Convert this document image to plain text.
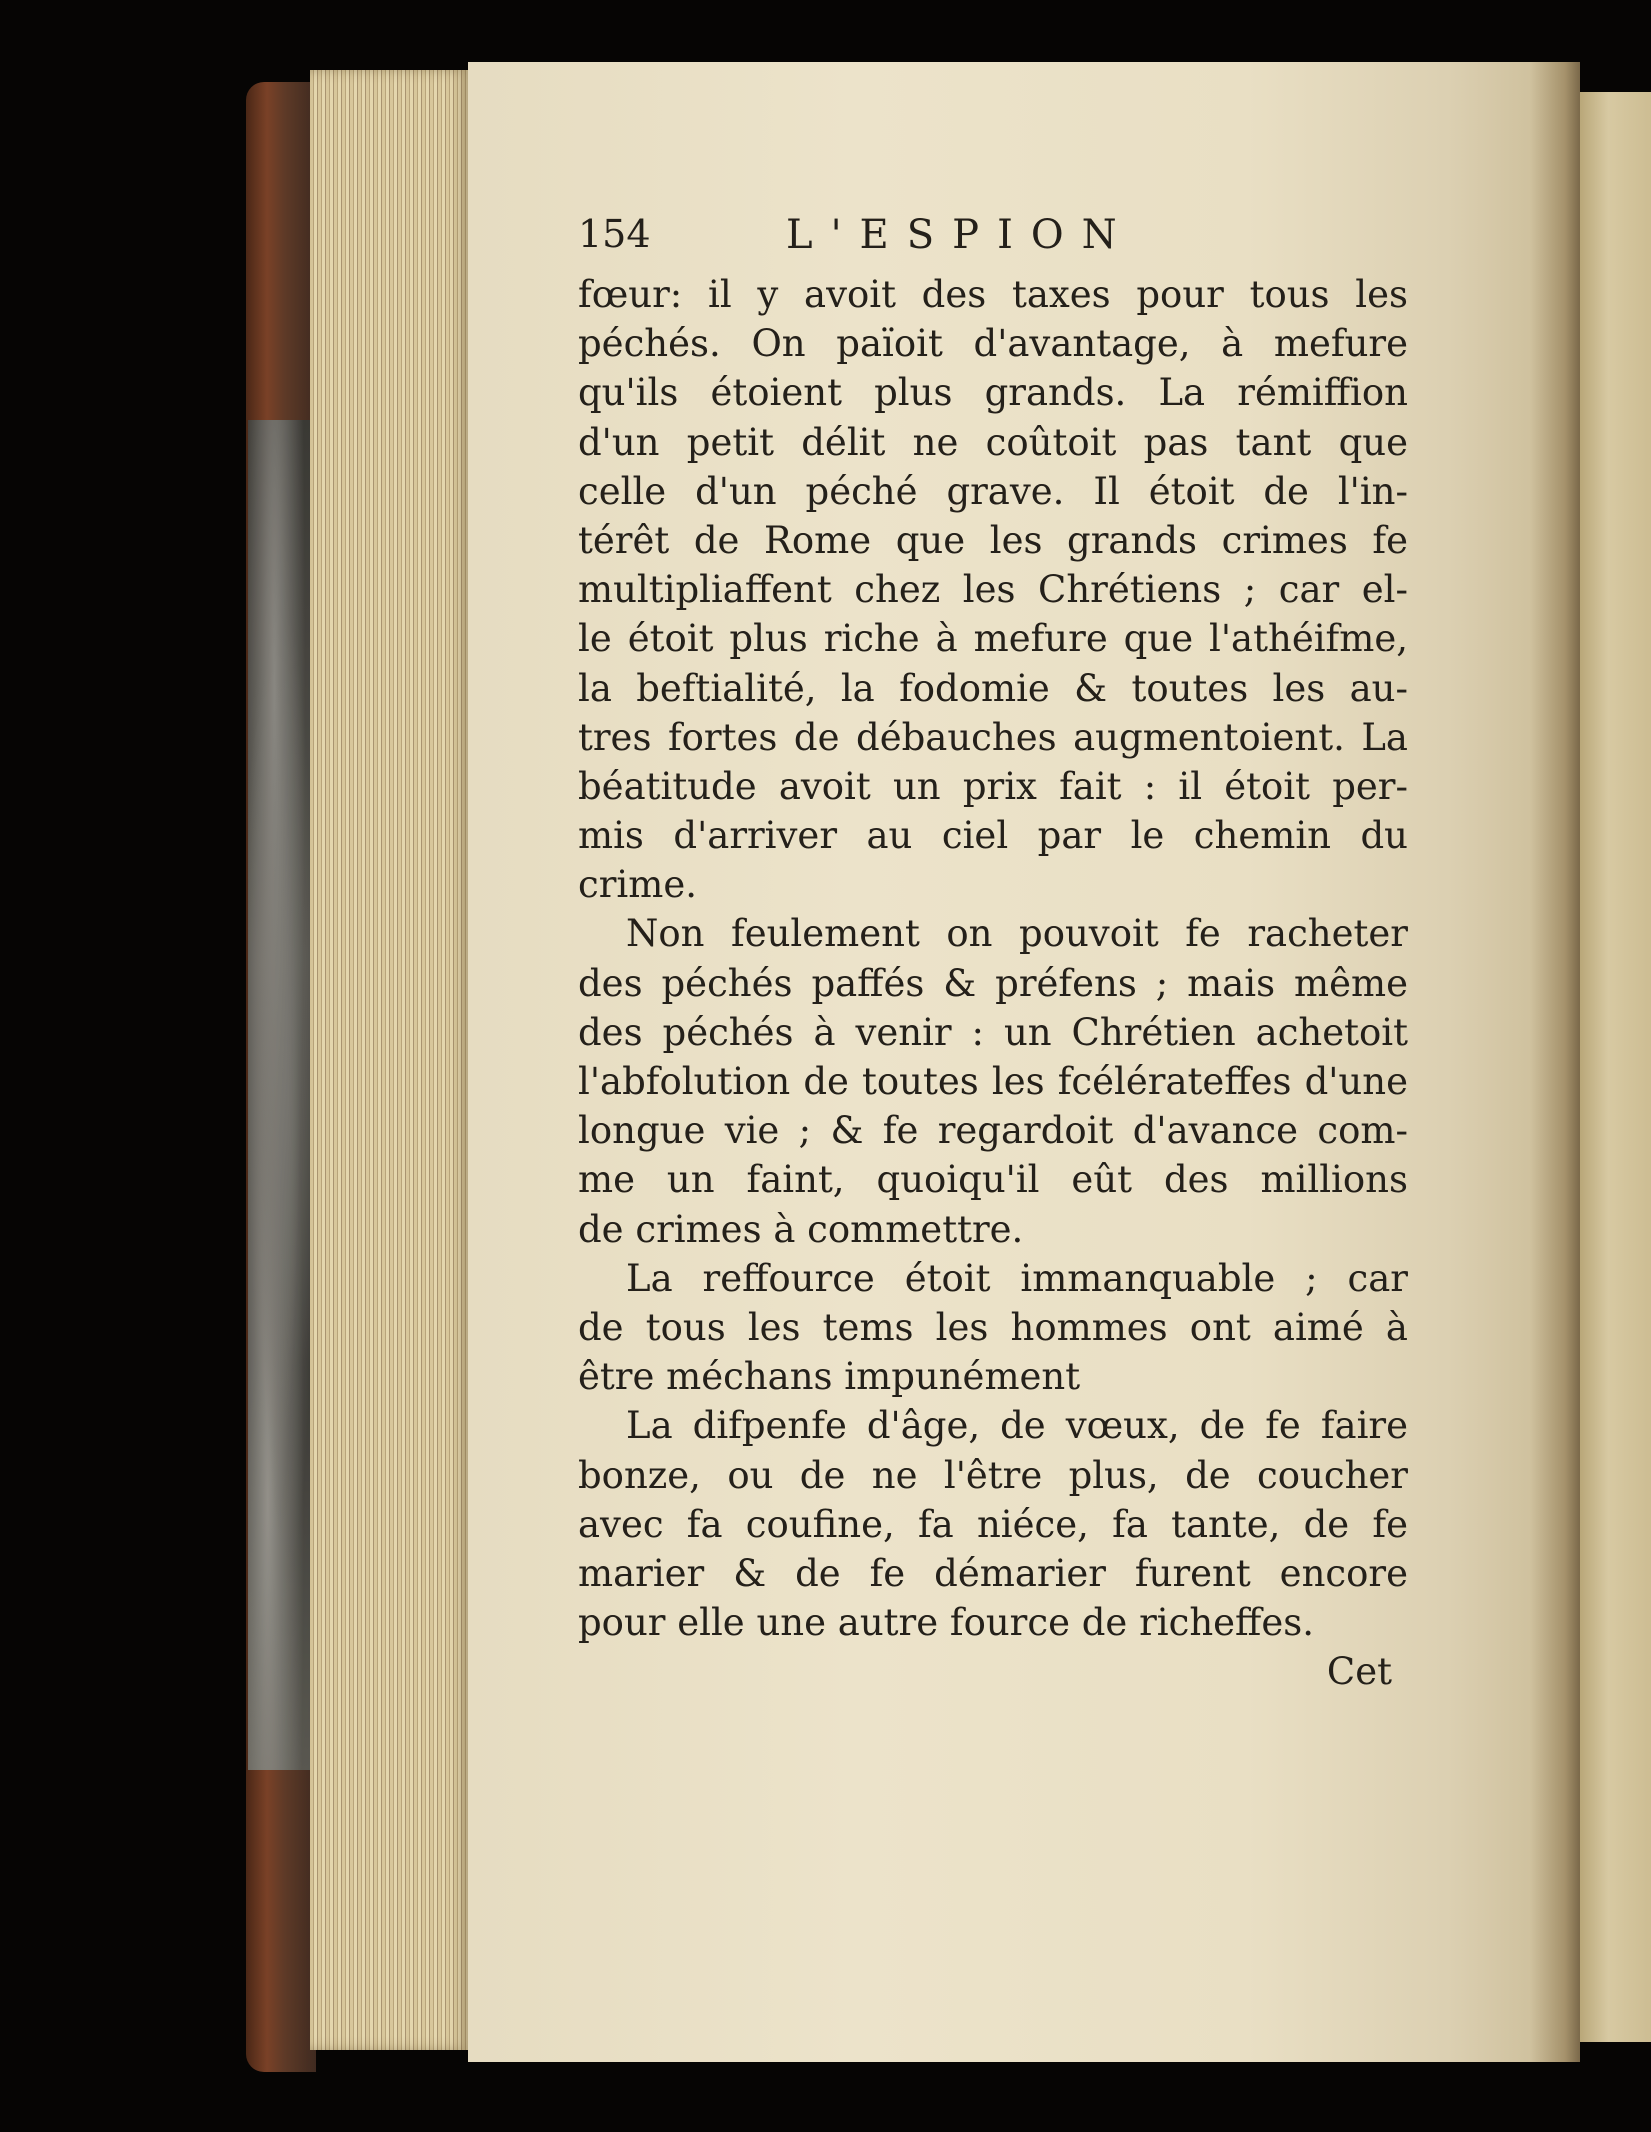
154	L'ESPION
fœur: il y avoit des taxes pour tous les
péchés. On païoit d'avantage, à mefure
qu'ils étoient plus grands. La rémiffion
d'un petit délit ne coûtoit pas tant que
celle d'un péché grave. Il étoit de l'in-
térêt de Rome que les grands crimes fe
multipliaffent chez les Chrétiens ; car el-
le étoit plus riche à mefure que l'athéifme,
la beftialité, la fodomie & toutes les au-
tres fortes de débauches augmentoient. La
béatitude avoit un prix fait : il étoit per-
mis d'arriver au ciel par le chemin du
crime.
Non feulement on pouvoit fe racheter
des péchés paffés & préfens ; mais même
des péchés à venir : un Chrétien achetoit
l'abfolution de toutes les fcélérateffes d'une
longue vie ; & fe regardoit d'avance com-
me un faint, quoiqu'il eût des millions
de crimes à commettre.
La reffource étoit immanquable ; car
de tous les tems les hommes ont aimé à
être méchans impunément
La difpenfe d'âge, de vœux, de fe faire
bonze, ou de ne l'être plus, de coucher
avec fa coufine, fa niéce, fa tante, de fe
marier & de fe démarier furent encore
pour elle une autre fource de richeffes.
Cet
